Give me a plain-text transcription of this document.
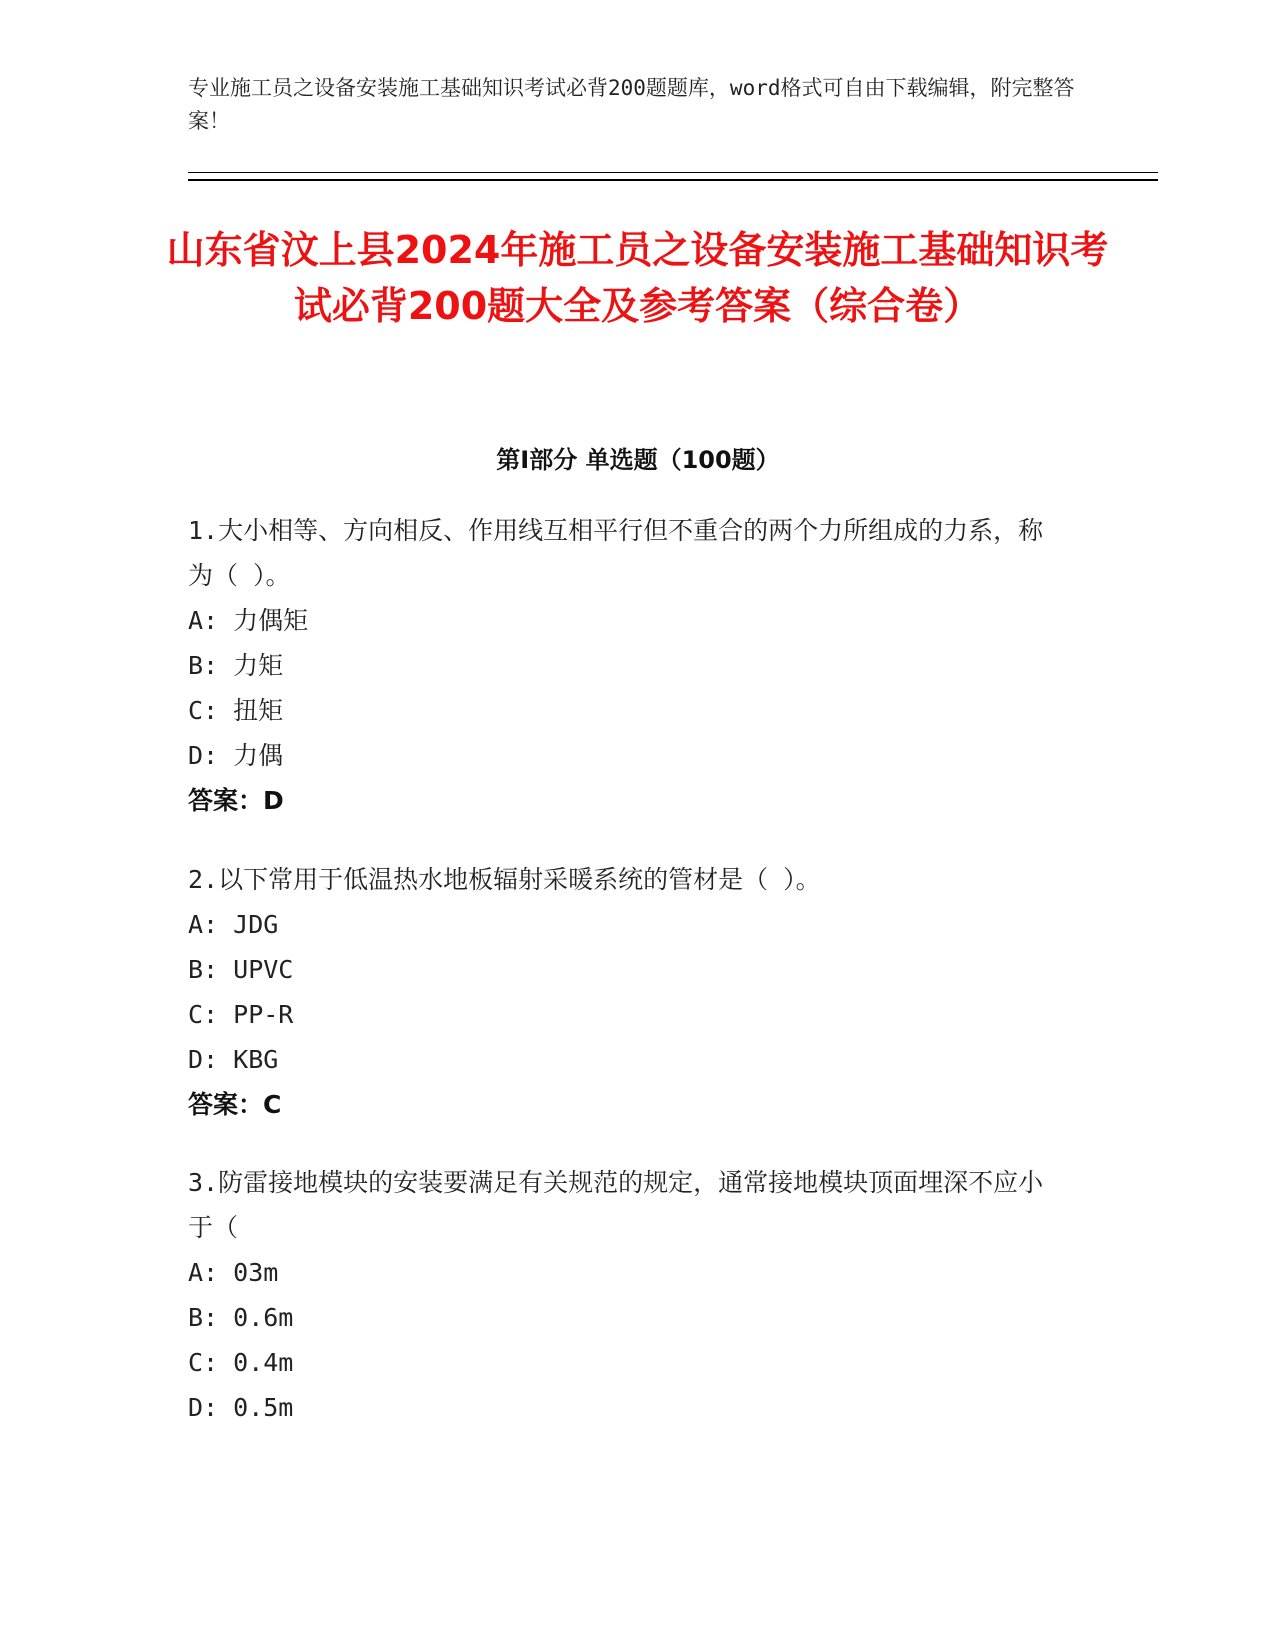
专业施工员之设备安装施工基础知识考试必背200题题库，word格式可自由下载编辑，附完整答案！
山东省汶上县2024年施工员之设备安装施工基础知识考试必背200题大全及参考答案（综合卷）
第Ⅰ部分 单选题（100题）
1.大小相等、方向相反、作用线互相平行但不重合的两个力所组成的力系，称为（ ）。
A: 力偶矩
B: 力矩
C: 扭矩
D: 力偶
答案：D
2.以下常用于低温热水地板辐射采暖系统的管材是（ ）。
A: JDG
B: UPVC
C: PP-R
D: KBG
答案：C
3.防雷接地模块的安装要满足有关规范的规定，通常接地模块顶面埋深不应小于（
A: 03m
B: 0.6m
C: 0.4m
D: 0.5m
